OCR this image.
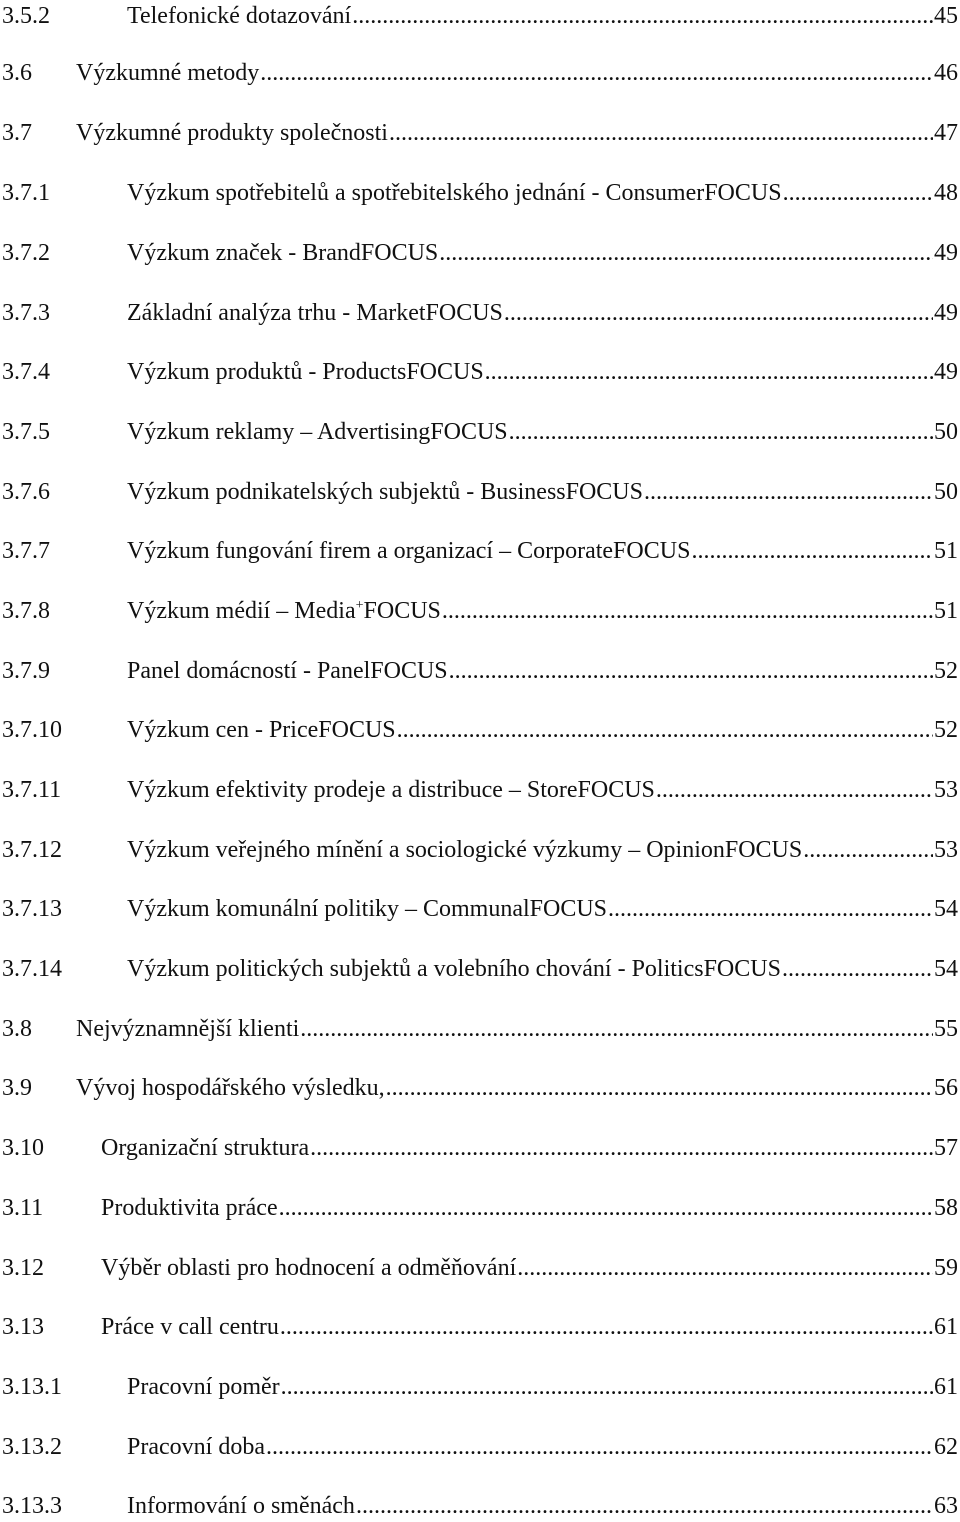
3.5.2	Telefonické dotazování .....	45
3.6 Výzkumné metody .....	46
3.7 Výzkumné produkty společnosti .....	47
3.7.1	Výzkum spotřebitelů a spotřebitelského jednání - ConsumerFOCUS .....	48
3.7.2	Výzkum značek - BrandFOCUS .....	49
3.7.3	Základní analýza trhu - MarketFOCUS .....	49
3.7.4	Výzkum produktů - ProductsFOCUS .....	49
3.7.5	Výzkum reklamy – AdvertisingFOCUS .....	50
3.7.6	Výzkum podnikatelských subjektů - BusinessFOCUS .....	50
3.7.7	Výzkum fungování firem a organizací – CorporateFOCUS .....	51
3.7.8	Výzkum médií – Media+FOCUS .....	51
3.7.9	Panel domácností - PanelFOCUS .....	52
3.7.10	Výzkum cen - PriceFOCUS .....	52
3.7.11	Výzkum efektivity prodeje a distribuce – StoreFOCUS .....	53
3.7.12	Výzkum veřejného mínění a sociologické výzkumy – OpinionFOCUS .....	53
3.7.13	Výzkum komunální politiky – CommunalFOCUS .....	54
3.7.14	Výzkum politických subjektů a volebního chování - PoliticsFOCUS .....	54
3.8 Nejvýznamnější klienti .....	55
3.9 Vývoj hospodářského výsledku, .....	56
3.10 Organizační struktura .....	57
3.11 Produktivita práce .....	58
3.12 Výběr oblasti pro hodnocení a odměňování .....	59
3.13 Práce v call centru .....	61
3.13.1	Pracovní poměr .....	61
3.13.2	Pracovní doba .....	62
3.13.3	Informování o směnách .....	63
